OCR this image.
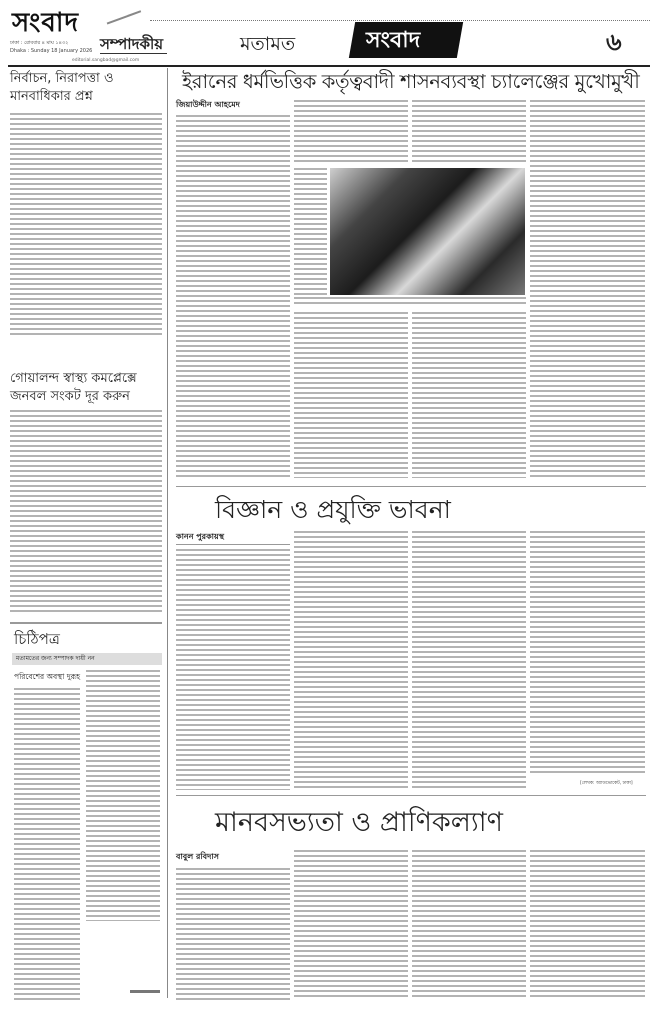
সংবাদ
ঢাকা : রোববার ৪ মাঘ ১৪৩২
Dhaka : Sunday 18 January 2026 সম্পাদকীয়
editorial.sangbad@gmail.com
মতামত	সংবাদ	৬
নির্বাচন, নিরাপত্তা ও
মানবাধিকার প্রশ্ন
গোয়ালন্দ স্বাস্থ্য কমপ্লেক্সে
জনবল সংকট দূর করুন
চিঠিপত্র
মতামতের জন্য সম্পাদক দায়ী নন
পরিবেশের অবস্থা দুরূহ
ইরানের ধর্মভিত্তিক কর্তৃত্ববাদী শাসনব্যবস্থা চ্যালেঞ্জের মুখোমুখী
জিয়াউদ্দীন আহমেদ
বিজ্ঞান ও প্রযুক্তি ভাবনা
কানন পুরকায়স্থ
[লেখক: অ্যাডভোকেট, ঢাকা]
মানবসভ্যতা ও প্রাণিকল্যাণ
বাবুল রবিদাস
